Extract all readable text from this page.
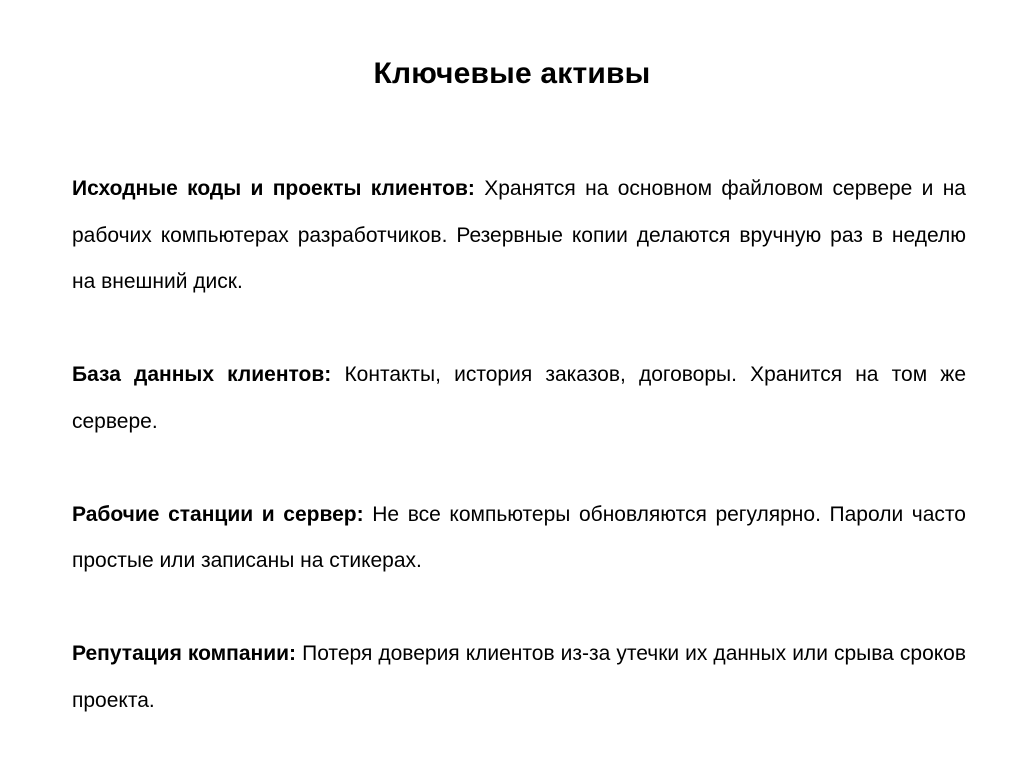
Ключевые активы

Исходные коды и проекты клиентов: Хранятся на основном файловом сервере и на рабочих компьютерах разработчиков. Резервные копии делаются вручную раз в неделю на внешний диск.

База данных клиентов: Контакты, история заказов, договоры. Хранится на том же сервере.

Рабочие станции и сервер: Не все компьютеры обновляются регулярно. Пароли часто простые или записаны на стикерах.

Репутация компании: Потеря доверия клиентов из-за утечки их данных или срыва сроков проекта.
